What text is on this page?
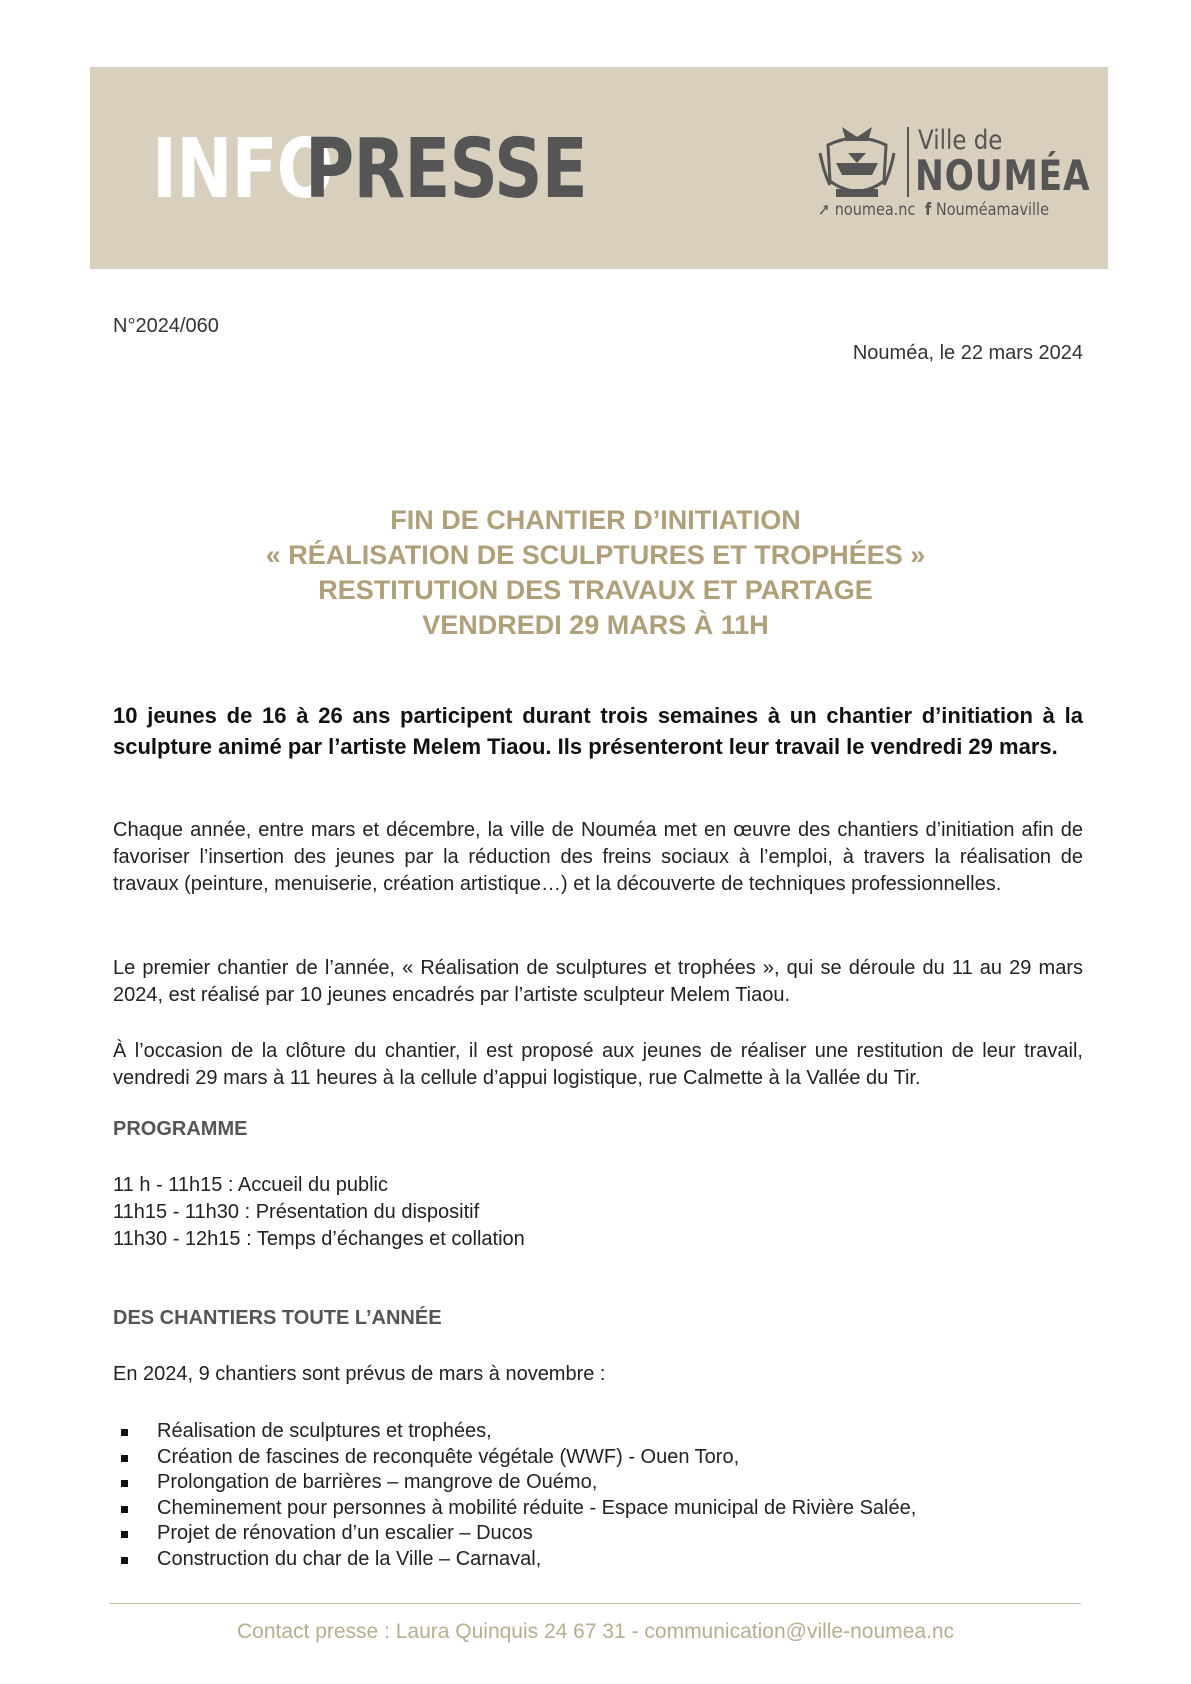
INFO
PRESSE	Ville de
NOUMÉA
➚ noumea.nc  f Nouméamaville
N°2024/060
Nouméa, le 22 mars 2024
FIN DE CHANTIER D’INITIATION
« RÉALISATION DE SCULPTURES ET TROPHÉES »
RESTITUTION DES TRAVAUX ET PARTAGE
VENDREDI 29 MARS À 11H
10 jeunes de 16 à 26 ans participent durant trois semaines à un chantier d’initiation à la sculpture animé par l’artiste Melem Tiaou. Ils présenteront leur travail le vendredi 29 mars.
Chaque année, entre mars et décembre, la ville de Nouméa met en œuvre des chantiers d’initiation afin de favoriser l’insertion des jeunes par la réduction des freins sociaux à l’emploi, à travers la réalisation de travaux (peinture, menuiserie, création artistique…) et la découverte de techniques professionnelles.
Le premier chantier de l’année, « Réalisation de sculptures et trophées », qui se déroule du 11 au 29 mars 2024, est réalisé par 10 jeunes encadrés par l’artiste sculpteur Melem Tiaou.
À l’occasion de la clôture du chantier, il est proposé aux jeunes de réaliser une restitution de leur travail, vendredi 29 mars à 11 heures à la cellule d’appui logistique, rue Calmette à la Vallée du Tir.
PROGRAMME
11 h - 11h15 : Accueil du public
11h15 - 11h30 : Présentation du dispositif
11h30 - 12h15 : Temps d’échanges et collation
DES CHANTIERS TOUTE L’ANNÉE
En 2024, 9 chantiers sont prévus de mars à novembre :
Réalisation de sculptures et trophées,
Création de fascines de reconquête végétale (WWF) - Ouen Toro,
Prolongation de barrières – mangrove de Ouémo,
Cheminement pour personnes à mobilité réduite - Espace municipal de Rivière Salée,
Projet de rénovation d’un escalier – Ducos
Construction du char de la Ville – Carnaval,
Contact presse : Laura Quinquis 24 67 31 - communication@ville-noumea.nc
